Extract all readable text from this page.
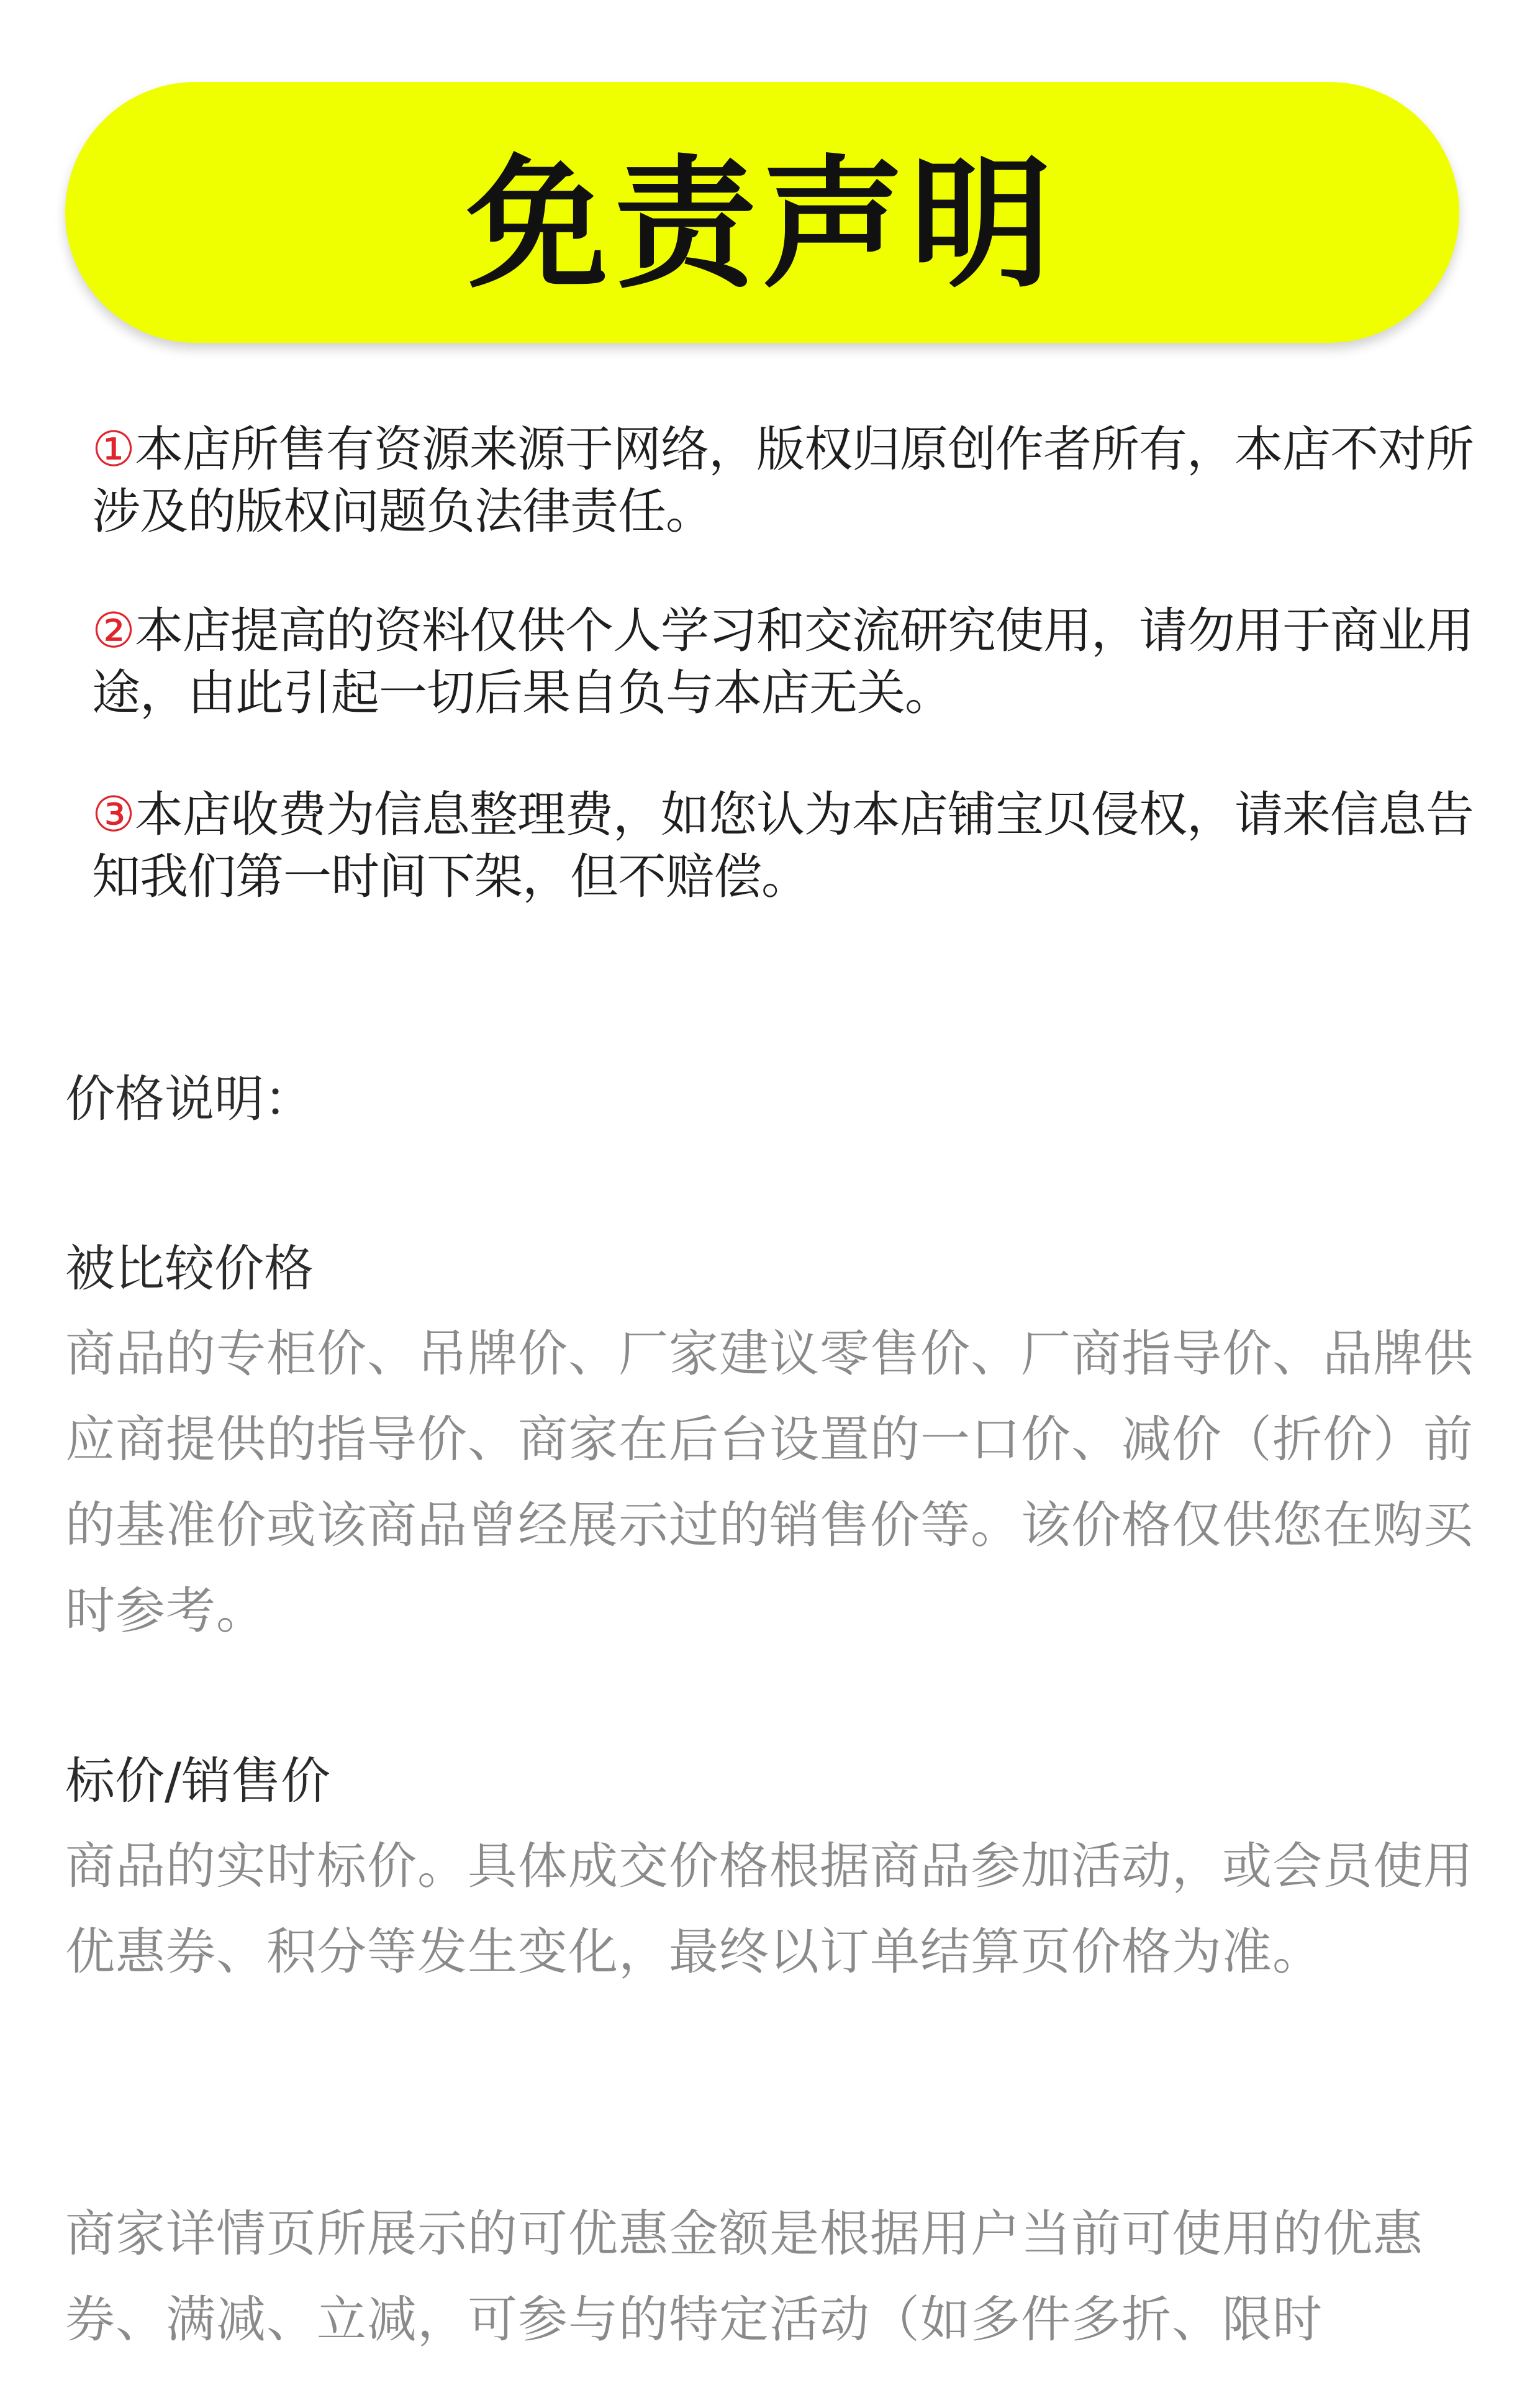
免责声明
①本店所售有资源来源于网络，版权归原创作者所有，本店不对所涉及的版权问题负法律责任。
②本店提高的资料仅供个人学习和交流研究使用，请勿用于商业用途，由此引起一切后果自负与本店无关。
③本店收费为信息整理费，如您认为本店铺宝贝侵权，请来信息告知我们第一时间下架，但不赔偿。
价格说明：
被比较价格
商品的专柜价、吊牌价、厂家建议零售价、厂商指导价、品牌供应商提供的指导价、商家在后台设置的一口价、减价（折价）前的基准价或该商品曾经展示过的销售价等。该价格仅供您在购买时参考。
标价/销售价
商品的实时标价。具体成交价格根据商品参加活动，或会员使用优惠券、积分等发生变化，最终以订单结算页价格为准。
商家详情页所展示的可优惠金额是根据用户当前可使用的优惠券、满减、立减，可参与的特定活动（如多件多折、限时
